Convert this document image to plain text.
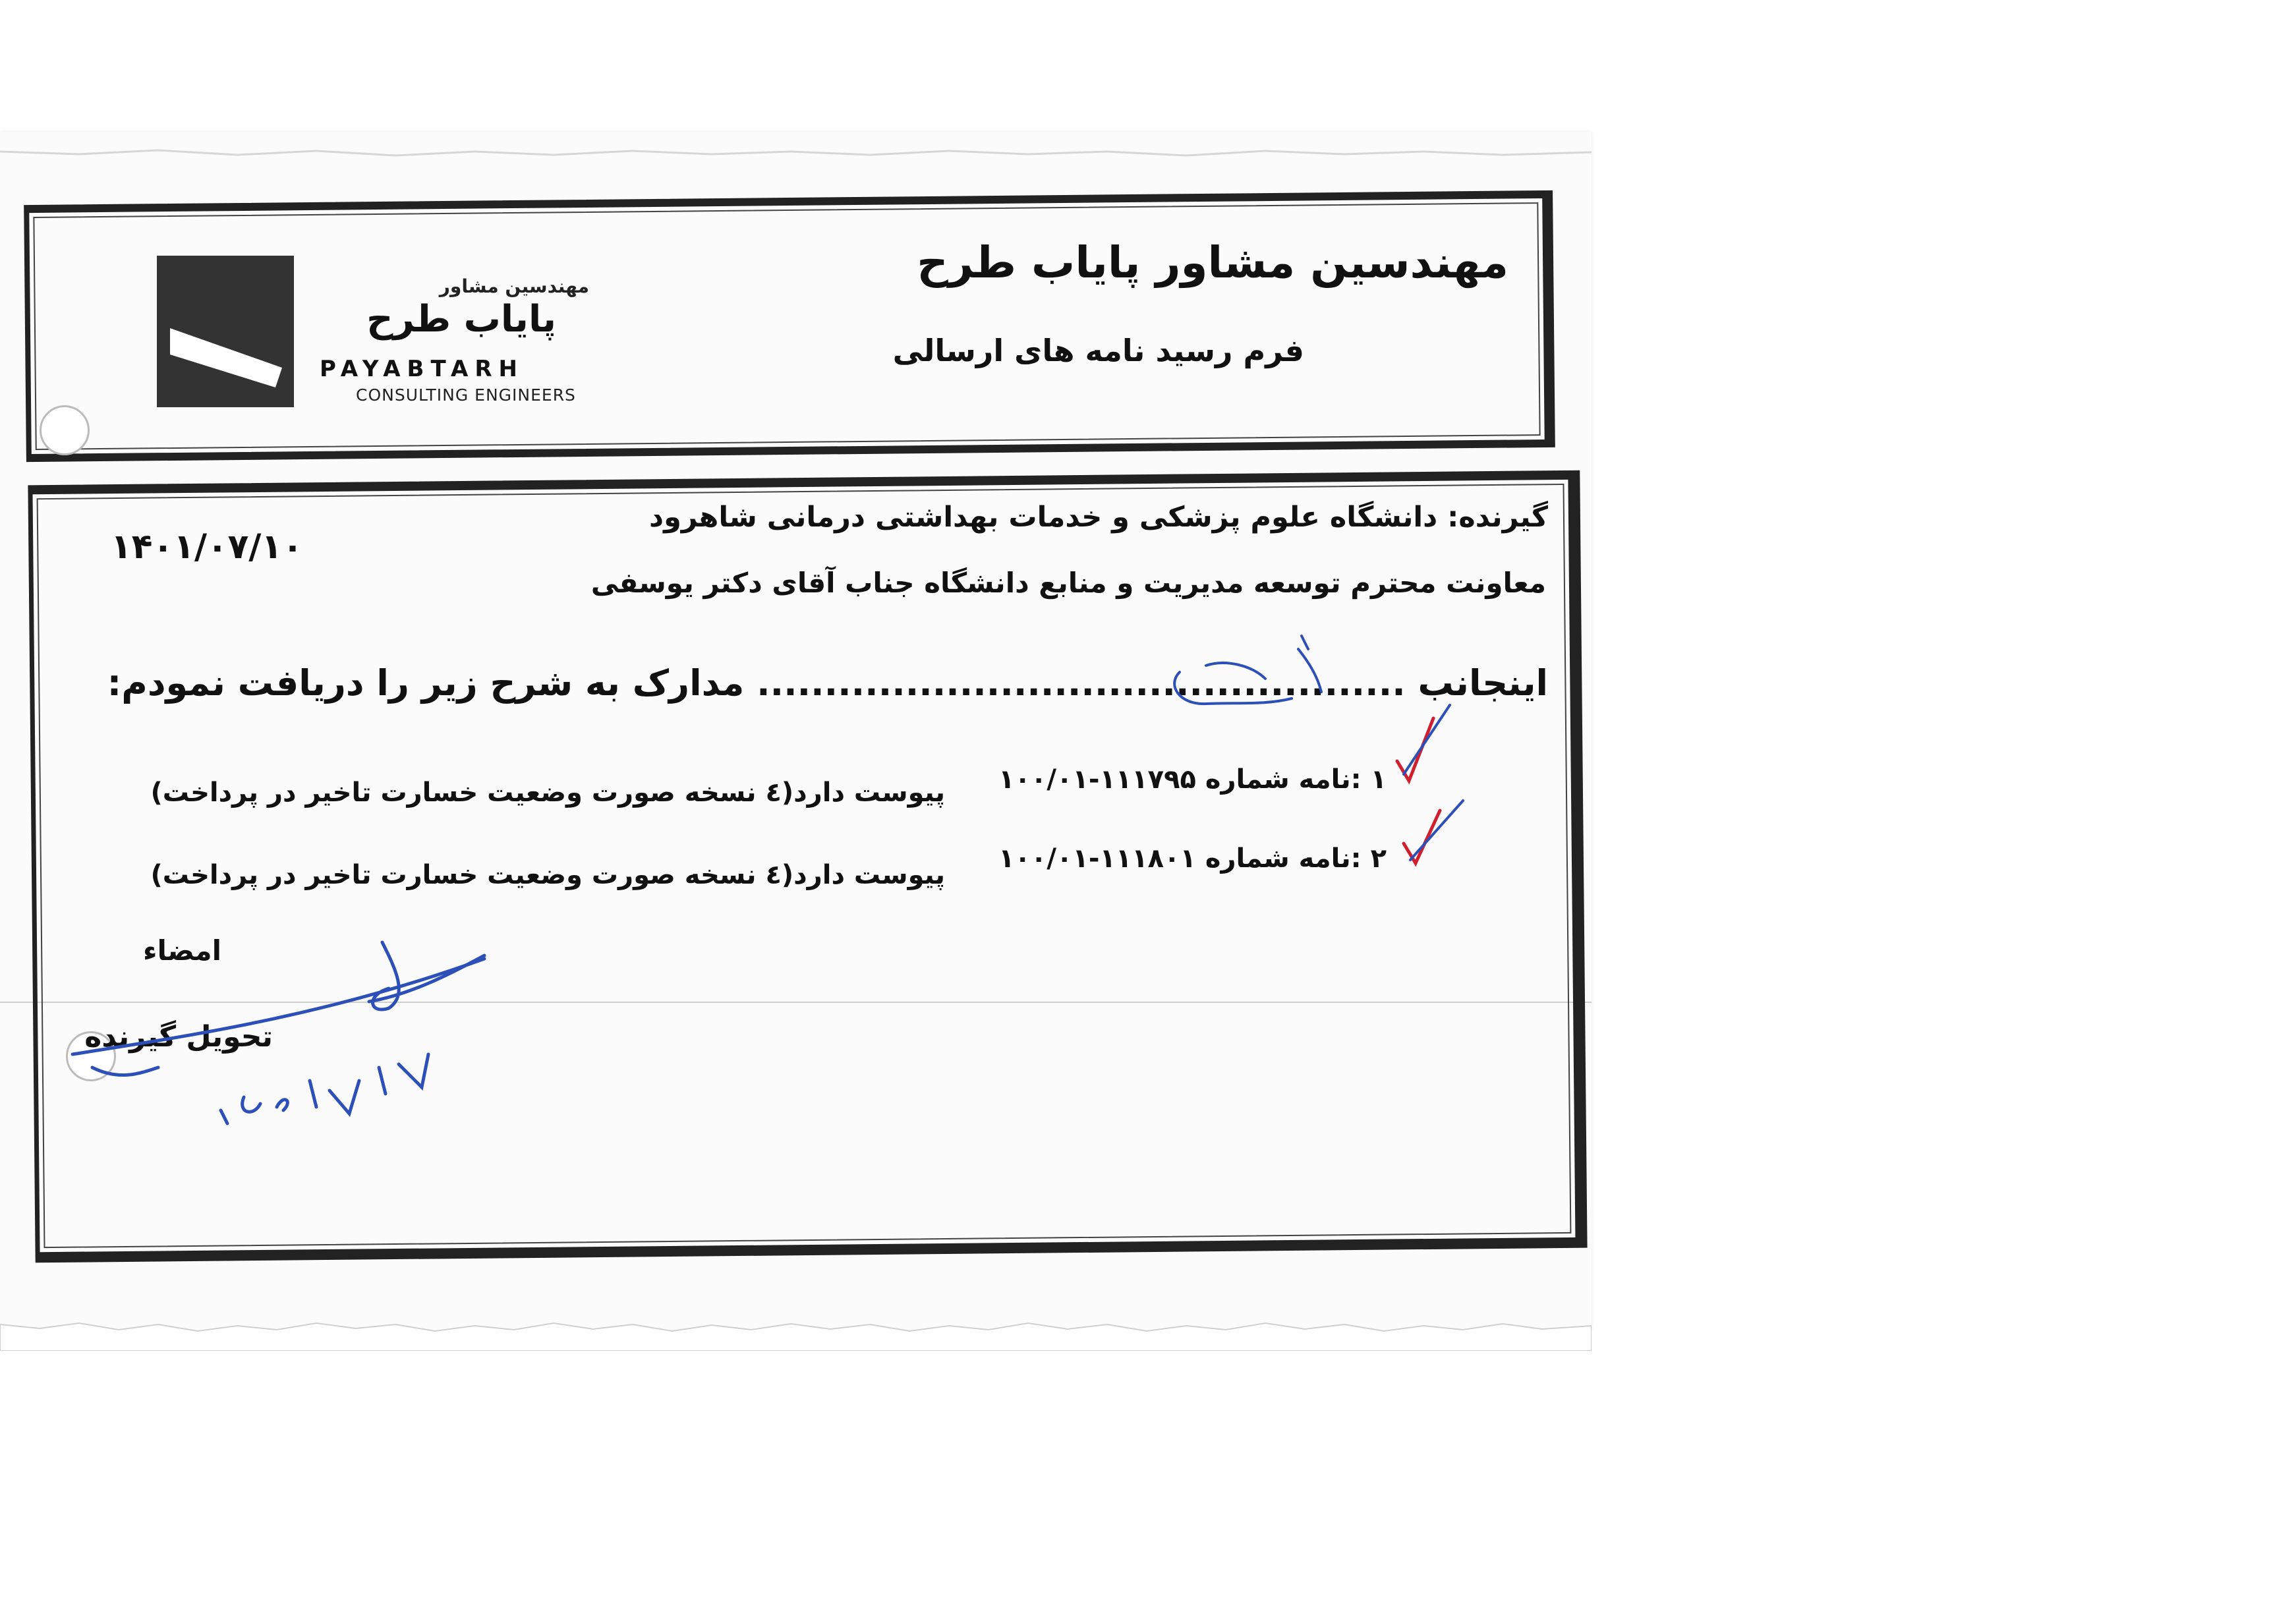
مهندسین مشاور
پایاب طرح
PAYABTARH
CONSULTING ENGINEERS
مهندسین مشاور پایاب طرح
فرم رسید نامه های ارسالی
۱۴۰۱/۰۷/۱۰
گیرنده: دانشگاه علوم پزشکی و خدمات بهداشتی درمانی شاهرود
معاونت محترم توسعه مدیریت و منابع دانشگاه جناب آقای دکتر یوسفی
اینجانب ................................................ مدارک به شرح زیر را دریافت نمودم:
۱ :نامه شماره ۱۱۱۷۹۵-۱۰۰/۰۱
پیوست دارد(٤ نسخه صورت وضعیت خسارت تاخیر در پرداخت)
۲ :نامه شماره ۱۱۱۸۰۱-۱۰۰/۰۱
پیوست دارد(٤ نسخه صورت وضعیت خسارت تاخیر در پرداخت)
امضاء
تحویل گیرنده
